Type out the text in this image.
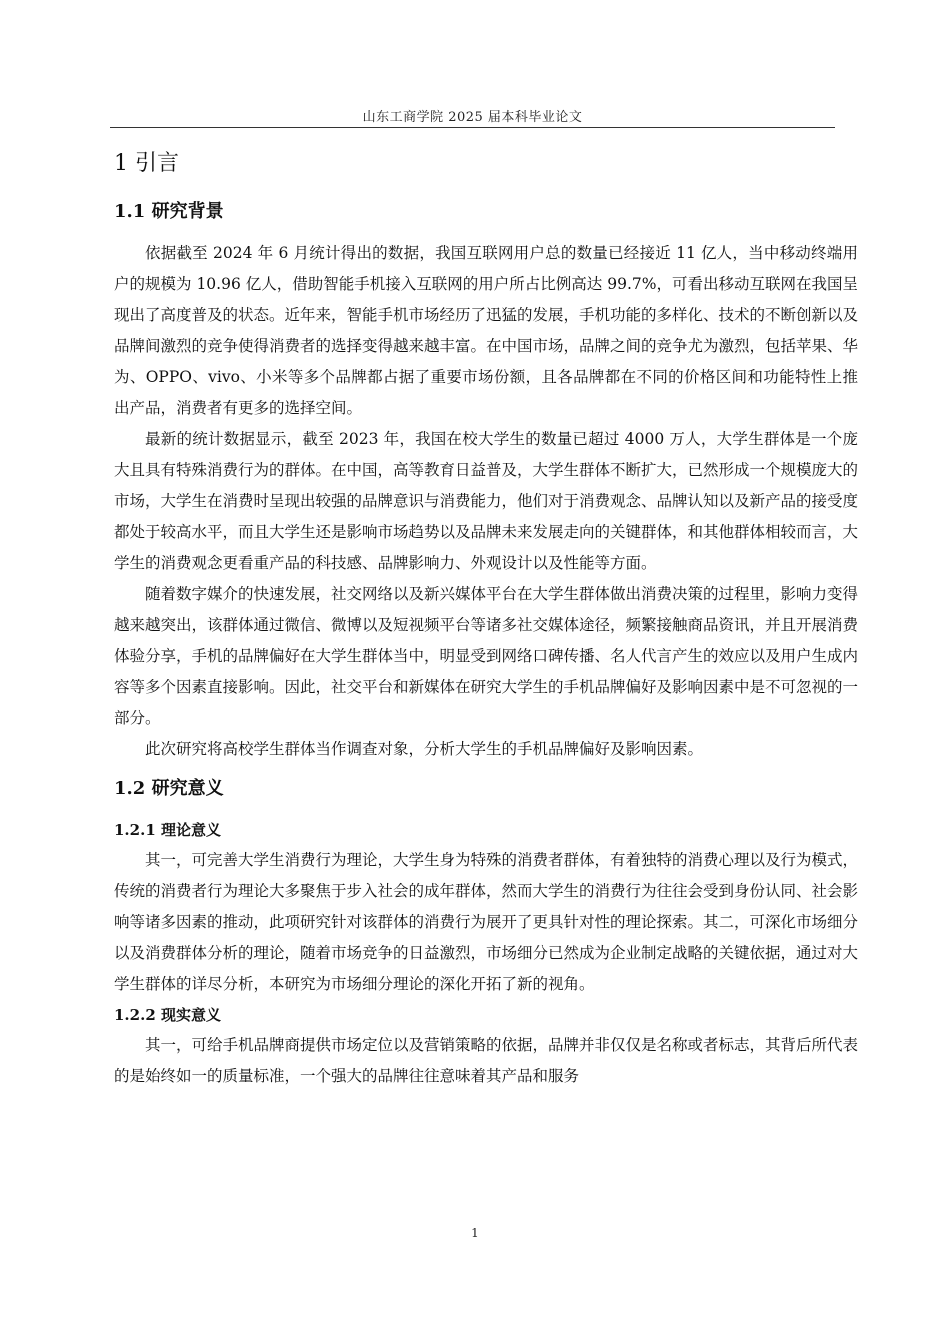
山东工商学院 2025 届本科毕业论文
1 引言
1.1 研究背景

依据截至 2024 年 6 月统计得出的数据，我国互联网用户总的数量已经接近 11 亿人，当中移动终端用户的规模为 10.96 亿人，借助智能手机接入互联网的用户所占比例高达 99.7%，可看出移动互联网在我国呈现出了高度普及的状态。近年来，智能手机市场经历了迅猛的发展，手机功能的多样化、技术的不断创新以及品牌间激烈的竞争使得消费者的选择变得越来越丰富。在中国市场，品牌之间的竞争尤为激烈，包括苹果、华为、OPPO、vivo、小米等多个品牌都占据了重要市场份额，且各品牌都在不同的价格区间和功能特性上推出产品，消费者有更多的选择空间。

最新的统计数据显示，截至 2023 年，我国在校大学生的数量已超过 4000 万人，大学生群体是一个庞大且具有特殊消费行为的群体。在中国，高等教育日益普及，大学生群体不断扩大，已然形成一个规模庞大的市场，大学生在消费时呈现出较强的品牌意识与消费能力，他们对于消费观念、品牌认知以及新产品的接受度都处于较高水平，而且大学生还是影响市场趋势以及品牌未来发展走向的关键群体，和其他群体相较而言，大学生的消费观念更看重产品的科技感、品牌影响力、外观设计以及性能等方面。

随着数字媒介的快速发展，社交网络以及新兴媒体平台在大学生群体做出消费决策的过程里，影响力变得越来越突出，该群体通过微信、微博以及短视频平台等诸多社交媒体途径，频繁接触商品资讯，并且开展消费体验分享，手机的品牌偏好在大学生群体当中，明显受到网络口碑传播、名人代言产生的效应以及用户生成内容等多个因素直接影响。因此，社交平台和新媒体在研究大学生的手机品牌偏好及影响因素中是不可忽视的一部分。

此次研究将高校学生群体当作调查对象，分析大学生的手机品牌偏好及影响因素。

1.2 研究意义
1.2.1 理论意义

其一，可完善大学生消费行为理论，大学生身为特殊的消费者群体，有着独特的消费心理以及行为模式，传统的消费者行为理论大多聚焦于步入社会的成年群体，然而大学生的消费行为往往会受到身份认同、社会影响等诸多因素的推动，此项研究针对该群体的消费行为展开了更具针对性的理论探索。其二，可深化市场细分以及消费群体分析的理论，随着市场竞争的日益激烈，市场细分已然成为企业制定战略的关键依据，通过对大学生群体的详尽分析，本研究为市场细分理论的深化开拓了新的视角。

1.2.2 现实意义

其一，可给手机品牌商提供市场定位以及营销策略的依据，品牌并非仅仅是名称或者标志，其背后所代表的是始终如一的质量标准，一个强大的品牌往往意味着其产品和服务

1
